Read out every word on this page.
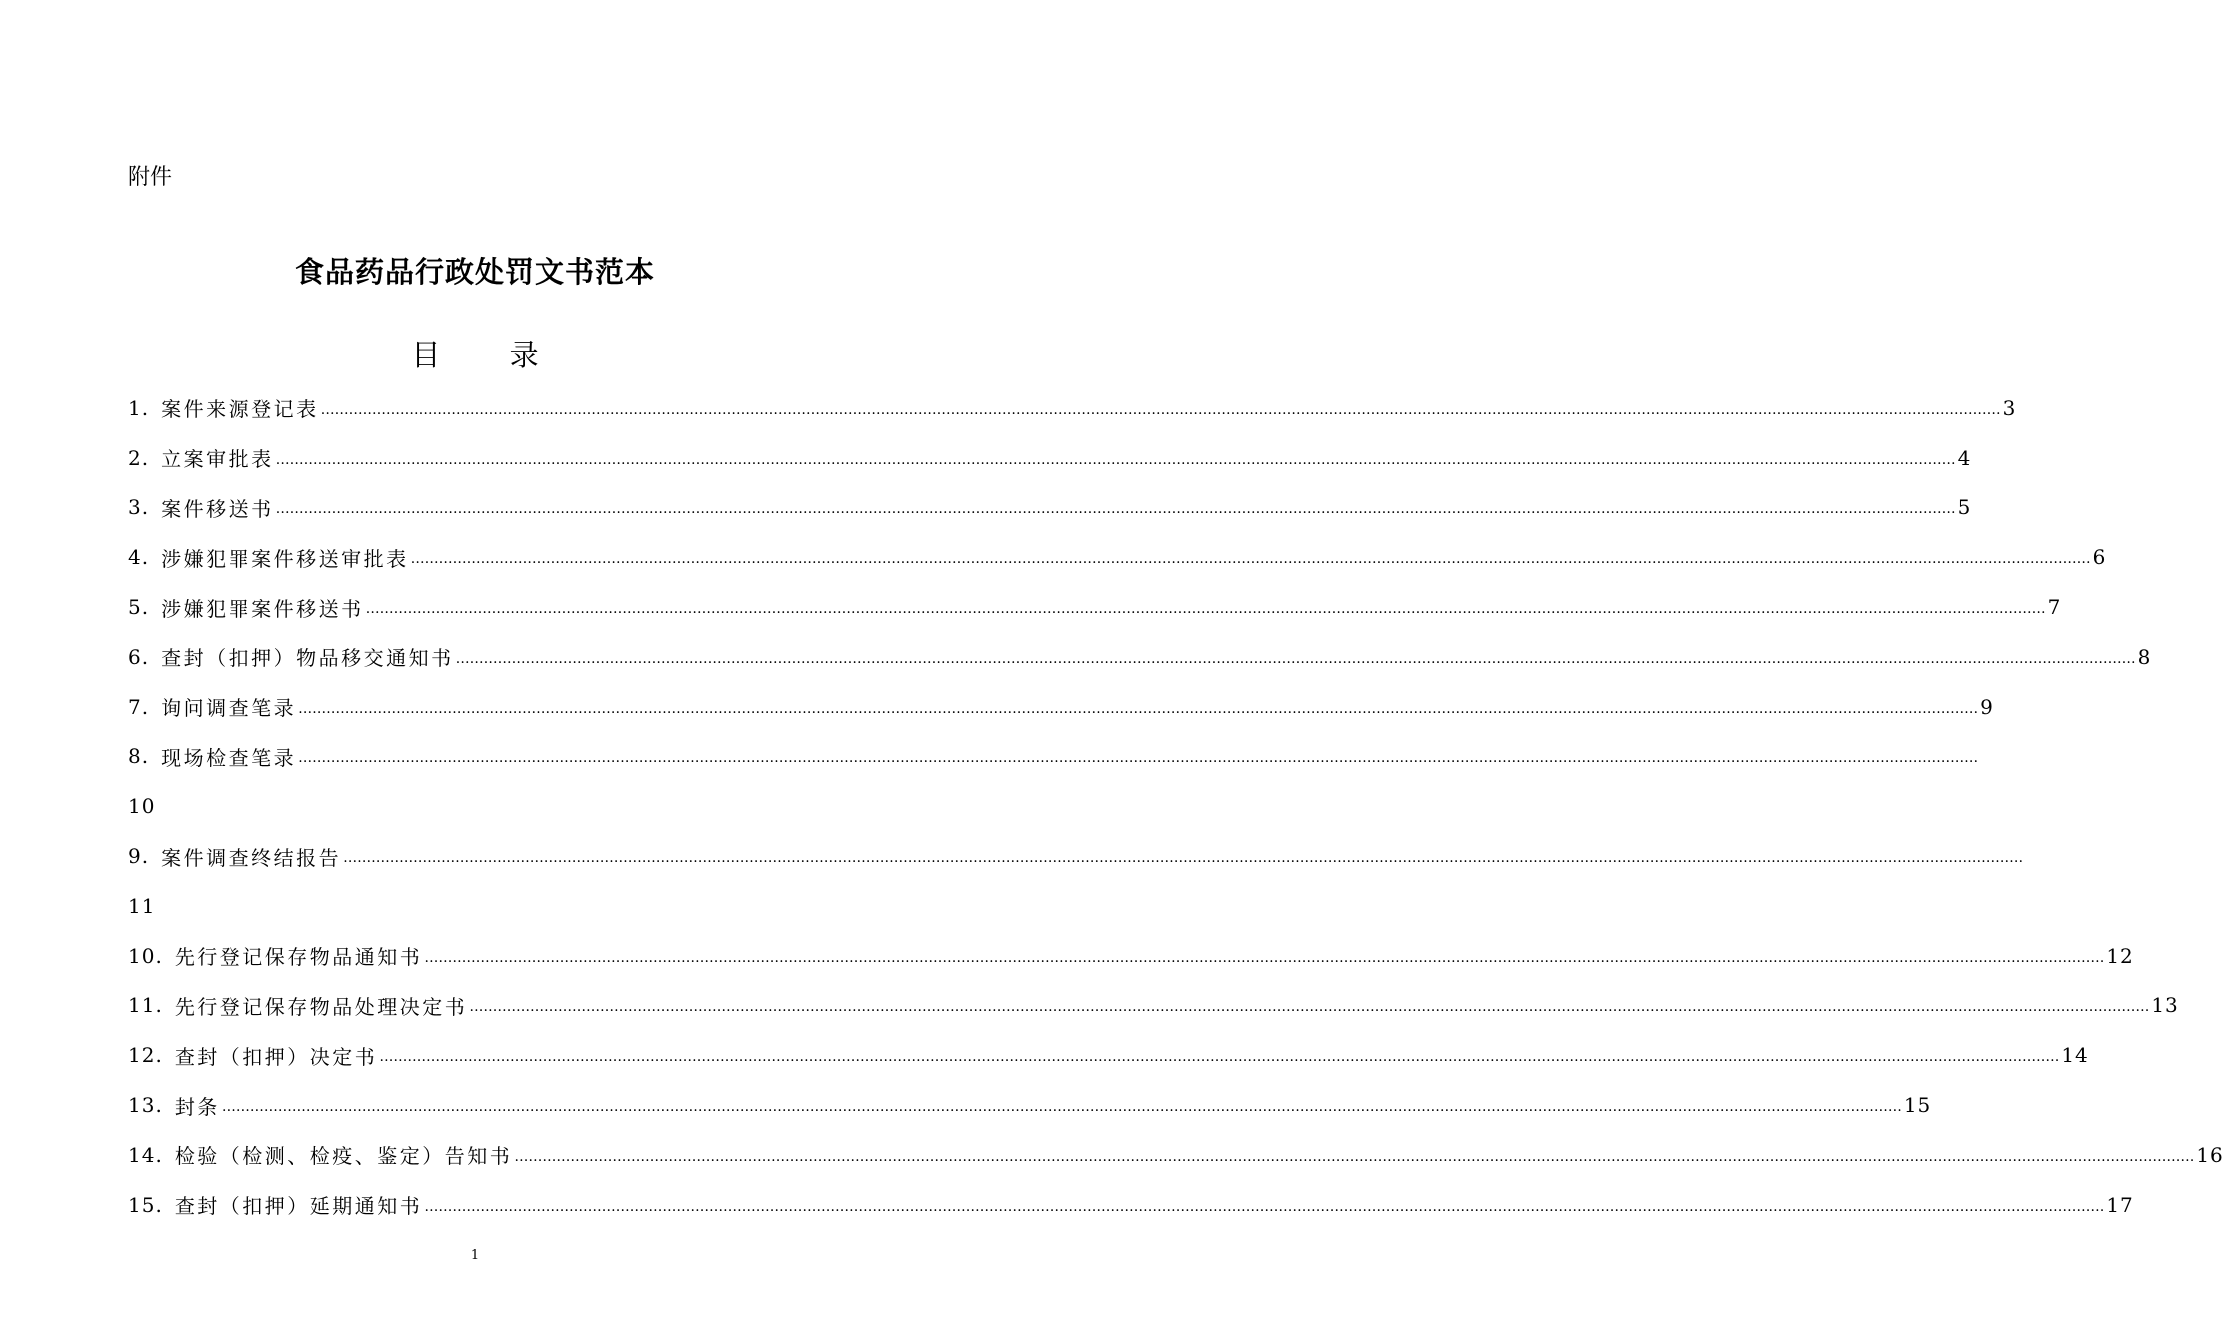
附件
食品药品行政处罚文书范本
目 录
1. 案件来源登记表 ……………………………………………………………………………………………………………………………………………………………………………………………………………………………………………………………………………………………………………………………… 3
2. 立案审批表 ……………………………………………………………………………………………………………………………………………………………………………………………………………………………………………………………………………………………………………………………… 4
3. 案件移送书 ……………………………………………………………………………………………………………………………………………………………………………………………………………………………………………………………………………………………………………………………… 5
4. 涉嫌犯罪案件移送审批表 ……………………………………………………………………………………………………………………………………………………………………………………………………………………………………………………………………………………………………………………………… 6
5. 涉嫌犯罪案件移送书 ……………………………………………………………………………………………………………………………………………………………………………………………………………………………………………………………………………………………………………………………… 7
6. 查封（扣押）物品移交通知书 ……………………………………………………………………………………………………………………………………………………………………………………………………………………………………………………………………………………………………………………………… 8
7. 询问调查笔录 ……………………………………………………………………………………………………………………………………………………………………………………………………………………………………………………………………………………………………………………………… 9
8. 现场检查笔录 ………………………………………………………………………………………………………………………………………………………………………………………………………………………………………………………………………………………………………………………………
10
9. 案件调查终结报告 ………………………………………………………………………………………………………………………………………………………………………………………………………………………………………………………………………………………………………………………………
11
10. 先行登记保存物品通知书 ……………………………………………………………………………………………………………………………………………………………………………………………………………………………………………………………………………………………………………………………… 12
11. 先行登记保存物品处理决定书 ……………………………………………………………………………………………………………………………………………………………………………………………………………………………………………………………………………………………………………………………… 13
12. 查封（扣押）决定书 ……………………………………………………………………………………………………………………………………………………………………………………………………………………………………………………………………………………………………………………………… 14
13. 封条 ……………………………………………………………………………………………………………………………………………………………………………………………………………………………………………………………………………………………………………………………… 15
14. 检验（检测、检疫、鉴定）告知书 ……………………………………………………………………………………………………………………………………………………………………………………………………………………………………………………………………………………………………………………………… 16
15. 查封（扣押）延期通知书 ……………………………………………………………………………………………………………………………………………………………………………………………………………………………………………………………………………………………………………………………… 17
1
